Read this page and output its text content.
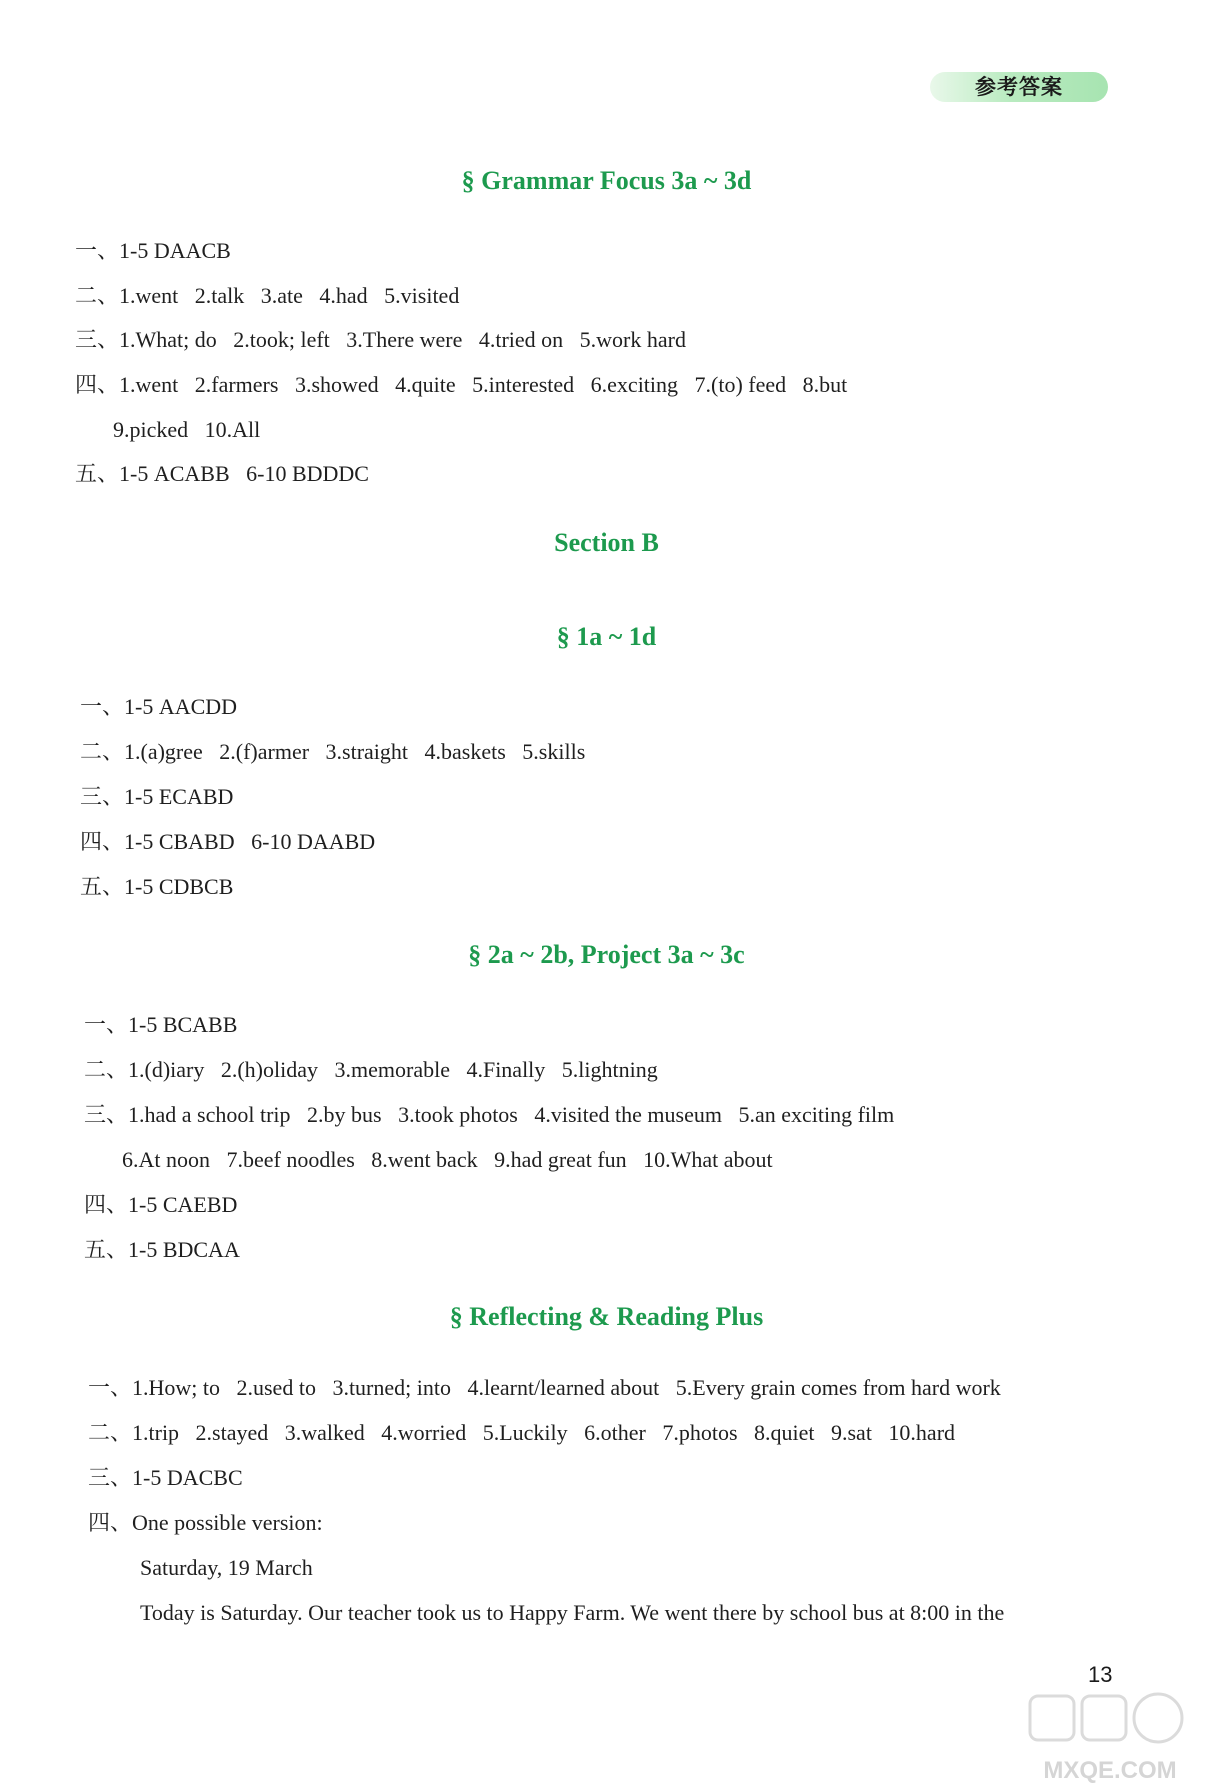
参考答案
§ Grammar Focus 3a ~ 3d
一、1-5 DAACB
二、1.went   2.talk   3.ate   4.had   5.visited
三、1.What; do   2.took; left   3.There were   4.tried on   5.work hard
四、1.went   2.farmers   3.showed   4.quite   5.interested   6.exciting   7.(to) feed   8.but
9.picked   10.All
五、1-5 ACABB   6-10 BDDDC
Section B
§ 1a ~ 1d
一、1-5 AACDD
二、1.(a)gree   2.(f)armer   3.straight   4.baskets   5.skills
三、1-5 ECABD
四、1-5 CBABD   6-10 DAABD
五、1-5 CDBCB
§ 2a ~ 2b, Project 3a ~ 3c
一、1-5 BCABB
二、1.(d)iary   2.(h)oliday   3.memorable   4.Finally   5.lightning
三、1.had a school trip   2.by bus   3.took photos   4.visited the museum   5.an exciting film
6.At noon   7.beef noodles   8.went back   9.had great fun   10.What about
四、1-5 CAEBD
五、1-5 BDCAA
§ Reflecting & Reading Plus
一、1.How; to   2.used to   3.turned; into   4.learnt/learned about   5.Every grain comes from hard work
二、1.trip   2.stayed   3.walked   4.worried   5.Luckily   6.other   7.photos   8.quiet   9.sat   10.hard
三、1-5 DACBC
四、One possible version:
Saturday, 19 March
Today is Saturday. Our teacher took us to Happy Farm. We went there by school bus at 8:00 in the
13
MXQE.COM
